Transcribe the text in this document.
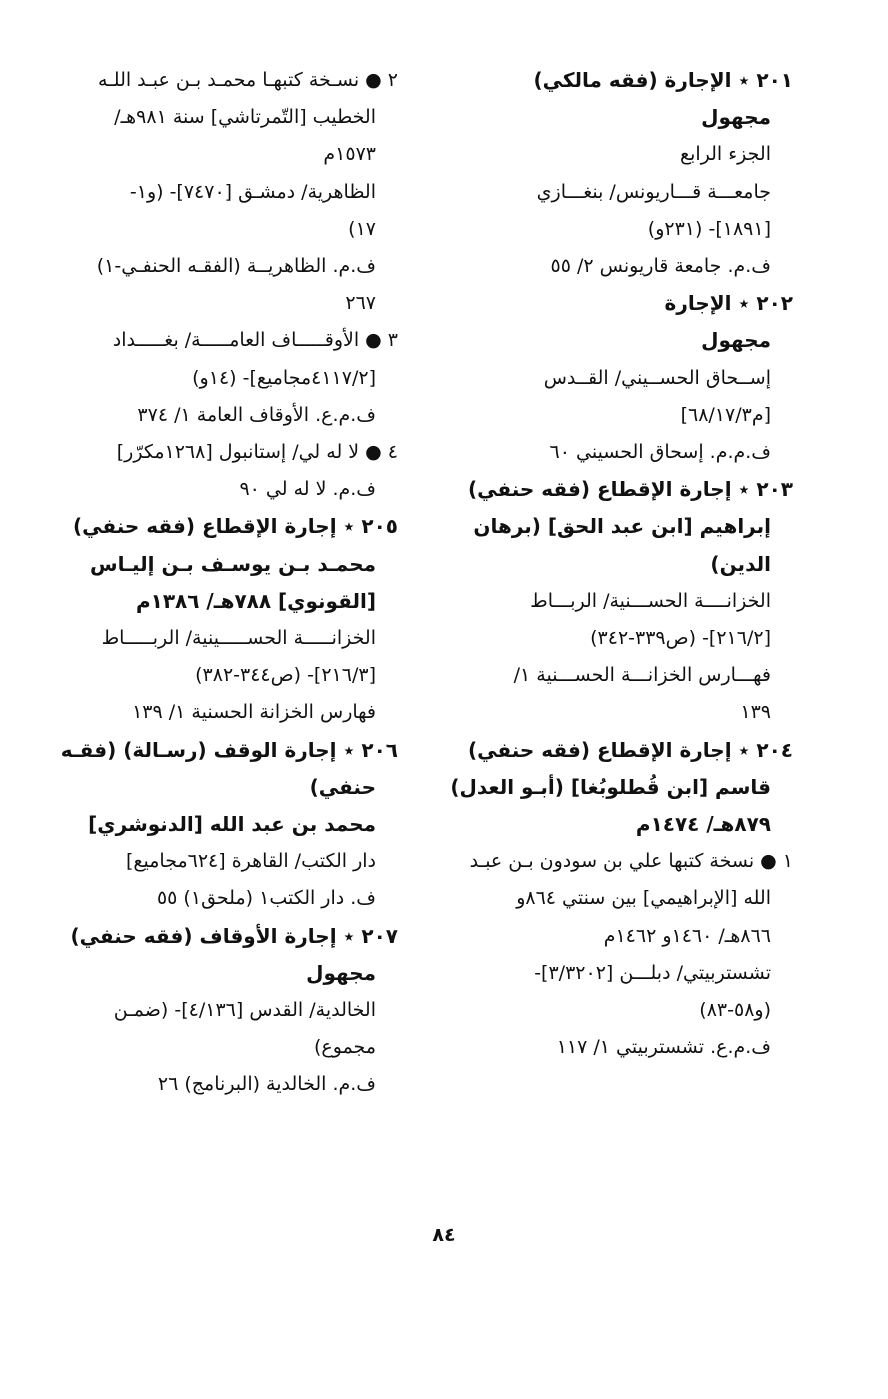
٢٠١ ٭ الإجارة (فقه مالكي)
مجهول
الجزء الرابع
جامعـــة قـــاريونس/ بنغـــازي
[١٨٩١]- (٢٣١و)
ف.م. جامعة قاريونس ٢/ ٥٥
٢٠٢ ٭ الإجارة
مجهول
إســحاق الحســيني/ القــدس
[م٦٨/١٧/٣]
ف.م.م. إسحاق الحسيني ٦٠
٢٠٣ ٭ إجارة الإقطاع (فقه حنفي)
إبراهيم [ابن عبد الحق] (برهان
الدين)
الخزانــــة الحســـنية/ الربـــاط
[٢١٦/٢]- (ص٣٣٩-٣٤٢)
فهـــارس الخزانـــة الحســـنية ١/
١٣٩
٢٠٤ ٭ إجارة الإقطاع (فقه حنفي)
قاسم [ابن قُطلوبُغا] (أبـو العدل)
٨٧٩هـ/ ١٤٧٤م
١ ● نسخة كتبها علي بن سودون بـن عبـد
الله [الإبراهيمي] بين سنتي ٨٦٤و
٨٦٦هـ/ ١٤٦٠و ١٤٦٢م
تشستربيتي/ دبلـــن [٣/٣٢٠٢]-
(و٥٨-٨٣)
ف.م.ع. تشستربيتي ١/ ١١٧
٢ ● نسـخة كتبهـا محمـد بـن عبـد اللـه
الخطيب [التّمرتاشي] سنة ٩٨١هـ/
١٥٧٣م
الظاهرية/ دمشـق [٧٤٧٠]- (و١-
١٧)
ف.م. الظاهريــة (الفقـه الحنفـي-١)
٢٦٧
٣ ● الأوقـــــاف العامـــــة/ بغـــــداد
[٤١١٧/٢مجاميع]- (١٤و)
ف.م.ع. الأوقاف العامة ١/ ٣٧٤
٤ ● لا له لي/ إستانبول [١٢٦٨مكرّر]
ف.م. لا له لي ٩٠
٢٠٥ ٭ إجارة الإقطاع (فقه حنفي)
محمـد بـن يوسـف بـن إليـاس
[القونوي] ٧٨٨هـ/ ١٣٨٦م
الخزانـــــة الحســـــينية/ الربـــــاط
[٢١٦/٣]- (ص٣٤٤-٣٨٢)
فهارس الخزانة الحسنية ١/ ١٣٩
٢٠٦ ٭ إجارة الوقف (رسـالة) (فقـه
حنفي)
محمد بن عبد الله [الدنوشري]
دار الكتب/ القاهرة [٦٢٤مجاميع]
ف. دار الكتب١ (ملحق١) ٥٥
٢٠٧ ٭ إجارة الأوقاف (فقه حنفي)
مجهول
الخالدية/ القدس [٤/١٣٦]- (ضمـن
مجموع)
ف.م. الخالدية (البرنامج) ٢٦
٨٤
